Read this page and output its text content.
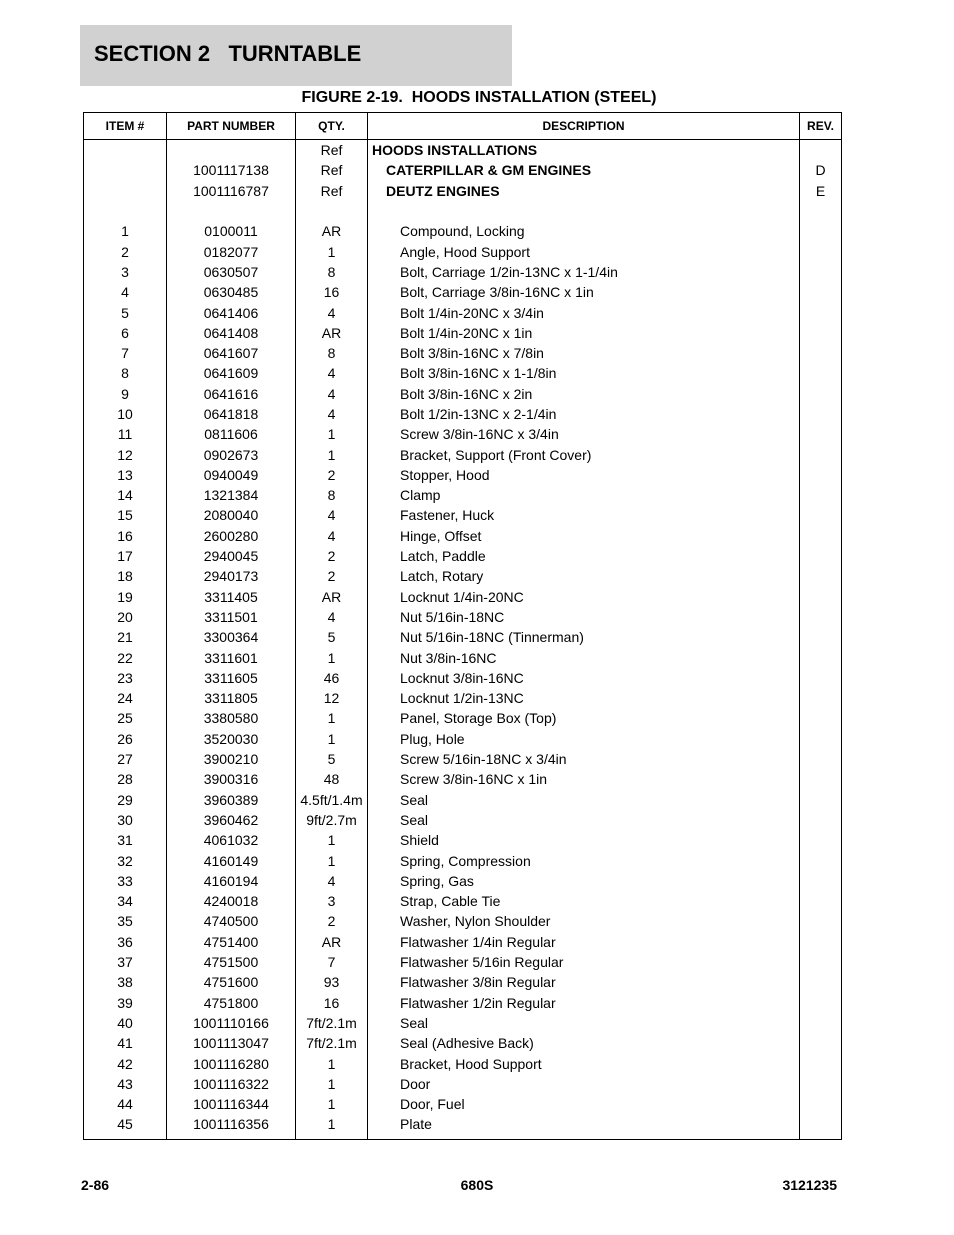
SECTION 2   TURNTABLE
FIGURE 2-19.  HOODS INSTALLATION (STEEL)
ITEM #	PART NUMBER	QTY.	DESCRIPTION	REV.
		Ref	HOODS INSTALLATIONS	
	1001117138	Ref	CATERPILLAR & GM ENGINES	D
	1001116787	Ref	DEUTZ ENGINES	E

1	0100011	AR	Compound, Locking	
2	0182077	1	Angle, Hood Support	
3	0630507	8	Bolt, Carriage 1/2in-13NC x 1-1/4in	
4	0630485	16	Bolt, Carriage 3/8in-16NC x 1in	
5	0641406	4	Bolt 1/4in-20NC x 3/4in	
6	0641408	AR	Bolt 1/4in-20NC x 1in	
7	0641607	8	Bolt 3/8in-16NC x 7/8in	
8	0641609	4	Bolt 3/8in-16NC x 1-1/8in	
9	0641616	4	Bolt 3/8in-16NC x 2in	
10	0641818	4	Bolt 1/2in-13NC x 2-1/4in	
11	0811606	1	Screw 3/8in-16NC x 3/4in	
12	0902673	1	Bracket, Support (Front Cover)	
13	0940049	2	Stopper, Hood	
14	1321384	8	Clamp	
15	2080040	4	Fastener, Huck	
16	2600280	4	Hinge, Offset	
17	2940045	2	Latch, Paddle	
18	2940173	2	Latch, Rotary	
19	3311405	AR	Locknut 1/4in-20NC	
20	3311501	4	Nut 5/16in-18NC	
21	3300364	5	Nut 5/16in-18NC (Tinnerman)	
22	3311601	1	Nut 3/8in-16NC	
23	3311605	46	Locknut 3/8in-16NC	
24	3311805	12	Locknut 1/2in-13NC	
25	3380580	1	Panel, Storage Box (Top)	
26	3520030	1	Plug, Hole	
27	3900210	5	Screw 5/16in-18NC x 3/4in	
28	3900316	48	Screw 3/8in-16NC x 1in	
29	3960389	4.5ft/1.4m	Seal	
30	3960462	9ft/2.7m	Seal	
31	4061032	1	Shield	
32	4160149	1	Spring, Compression	
33	4160194	4	Spring, Gas	
34	4240018	3	Strap, Cable Tie	
35	4740500	2	Washer, Nylon Shoulder	
36	4751400	AR	Flatwasher 1/4in Regular	
37	4751500	7	Flatwasher 5/16in Regular	
38	4751600	93	Flatwasher 3/8in Regular	
39	4751800	16	Flatwasher 1/2in Regular	
40	1001110166	7ft/2.1m	Seal	
41	1001113047	7ft/2.1m	Seal (Adhesive Back)	
42	1001116280	1	Bracket, Hood Support	
43	1001116322	1	Door	
44	1001116344	1	Door, Fuel	
45	1001116356	1	Plate	

2-86	680S	3121235
